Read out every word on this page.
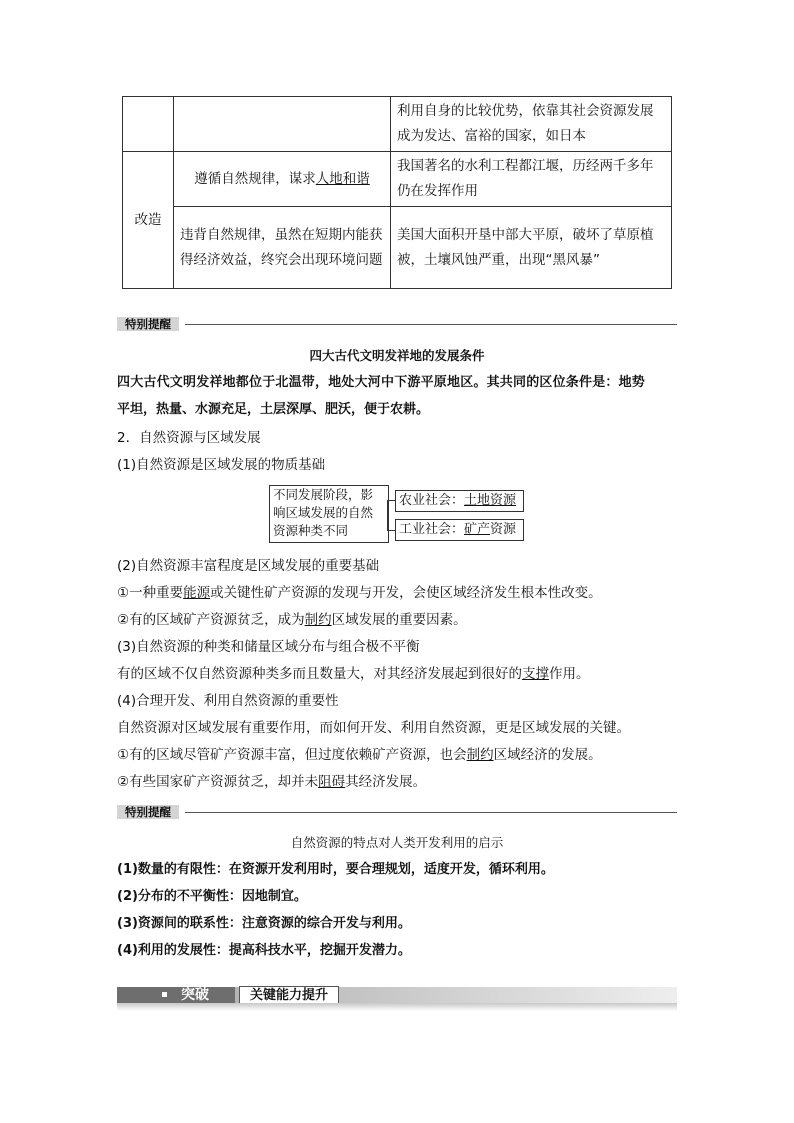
		利用自身的比较优势，依靠其社会资源发展成为发达、富裕的国家，如日本
改造	遵循自然规律，谋求人地和谐	我国著名的水利工程都江堰，历经两千多年仍在发挥作用
	违背自然规律，虽然在短期内能获得经济效益，终究会出现环境问题	美国大面积开垦中部大平原，破坏了草原植被，土壤风蚀严重，出现“黑风暴”
特别提醒
四大古代文明发祥地的发展条件
四大古代文明发祥地都位于北温带，地处大河中下游平原地区。其共同的区位条件是：地势
平坦，热量、水源充足，土层深厚、肥沃，便于农耕。
2．自然资源与区域发展
(1)自然资源是区域发展的物质基础
不同发展阶段，影响区域发展的自然资源种类不同
农业社会：土地资源
工业社会：矿产资源
(2)自然资源丰富程度是区域发展的重要基础
①一种重要能源或关键性矿产资源的发现与开发，会使区域经济发生根本性改变。
②有的区域矿产资源贫乏，成为制约区域发展的重要因素。
(3)自然资源的种类和储量区域分布与组合极不平衡
有的区域不仅自然资源种类多而且数量大，对其经济发展起到很好的支撑作用。
(4)合理开发、利用自然资源的重要性
自然资源对区域发展有重要作用，而如何开发、利用自然资源，更是区域发展的关键。
①有的区域尽管矿产资源丰富，但过度依赖矿产资源，也会制约区域经济的发展。
②有些国家矿产资源贫乏，却并未阻碍其经济发展。
特别提醒
自然资源的特点对人类开发利用的启示
(1)数量的有限性：在资源开发利用时，要合理规划，适度开发，循环利用。
(2)分布的不平衡性：因地制宜。
(3)资源间的联系性：注意资源的综合开发与利用。
(4)利用的发展性：提高科技水平，挖掘开发潜力。
突破	关键能力提升
